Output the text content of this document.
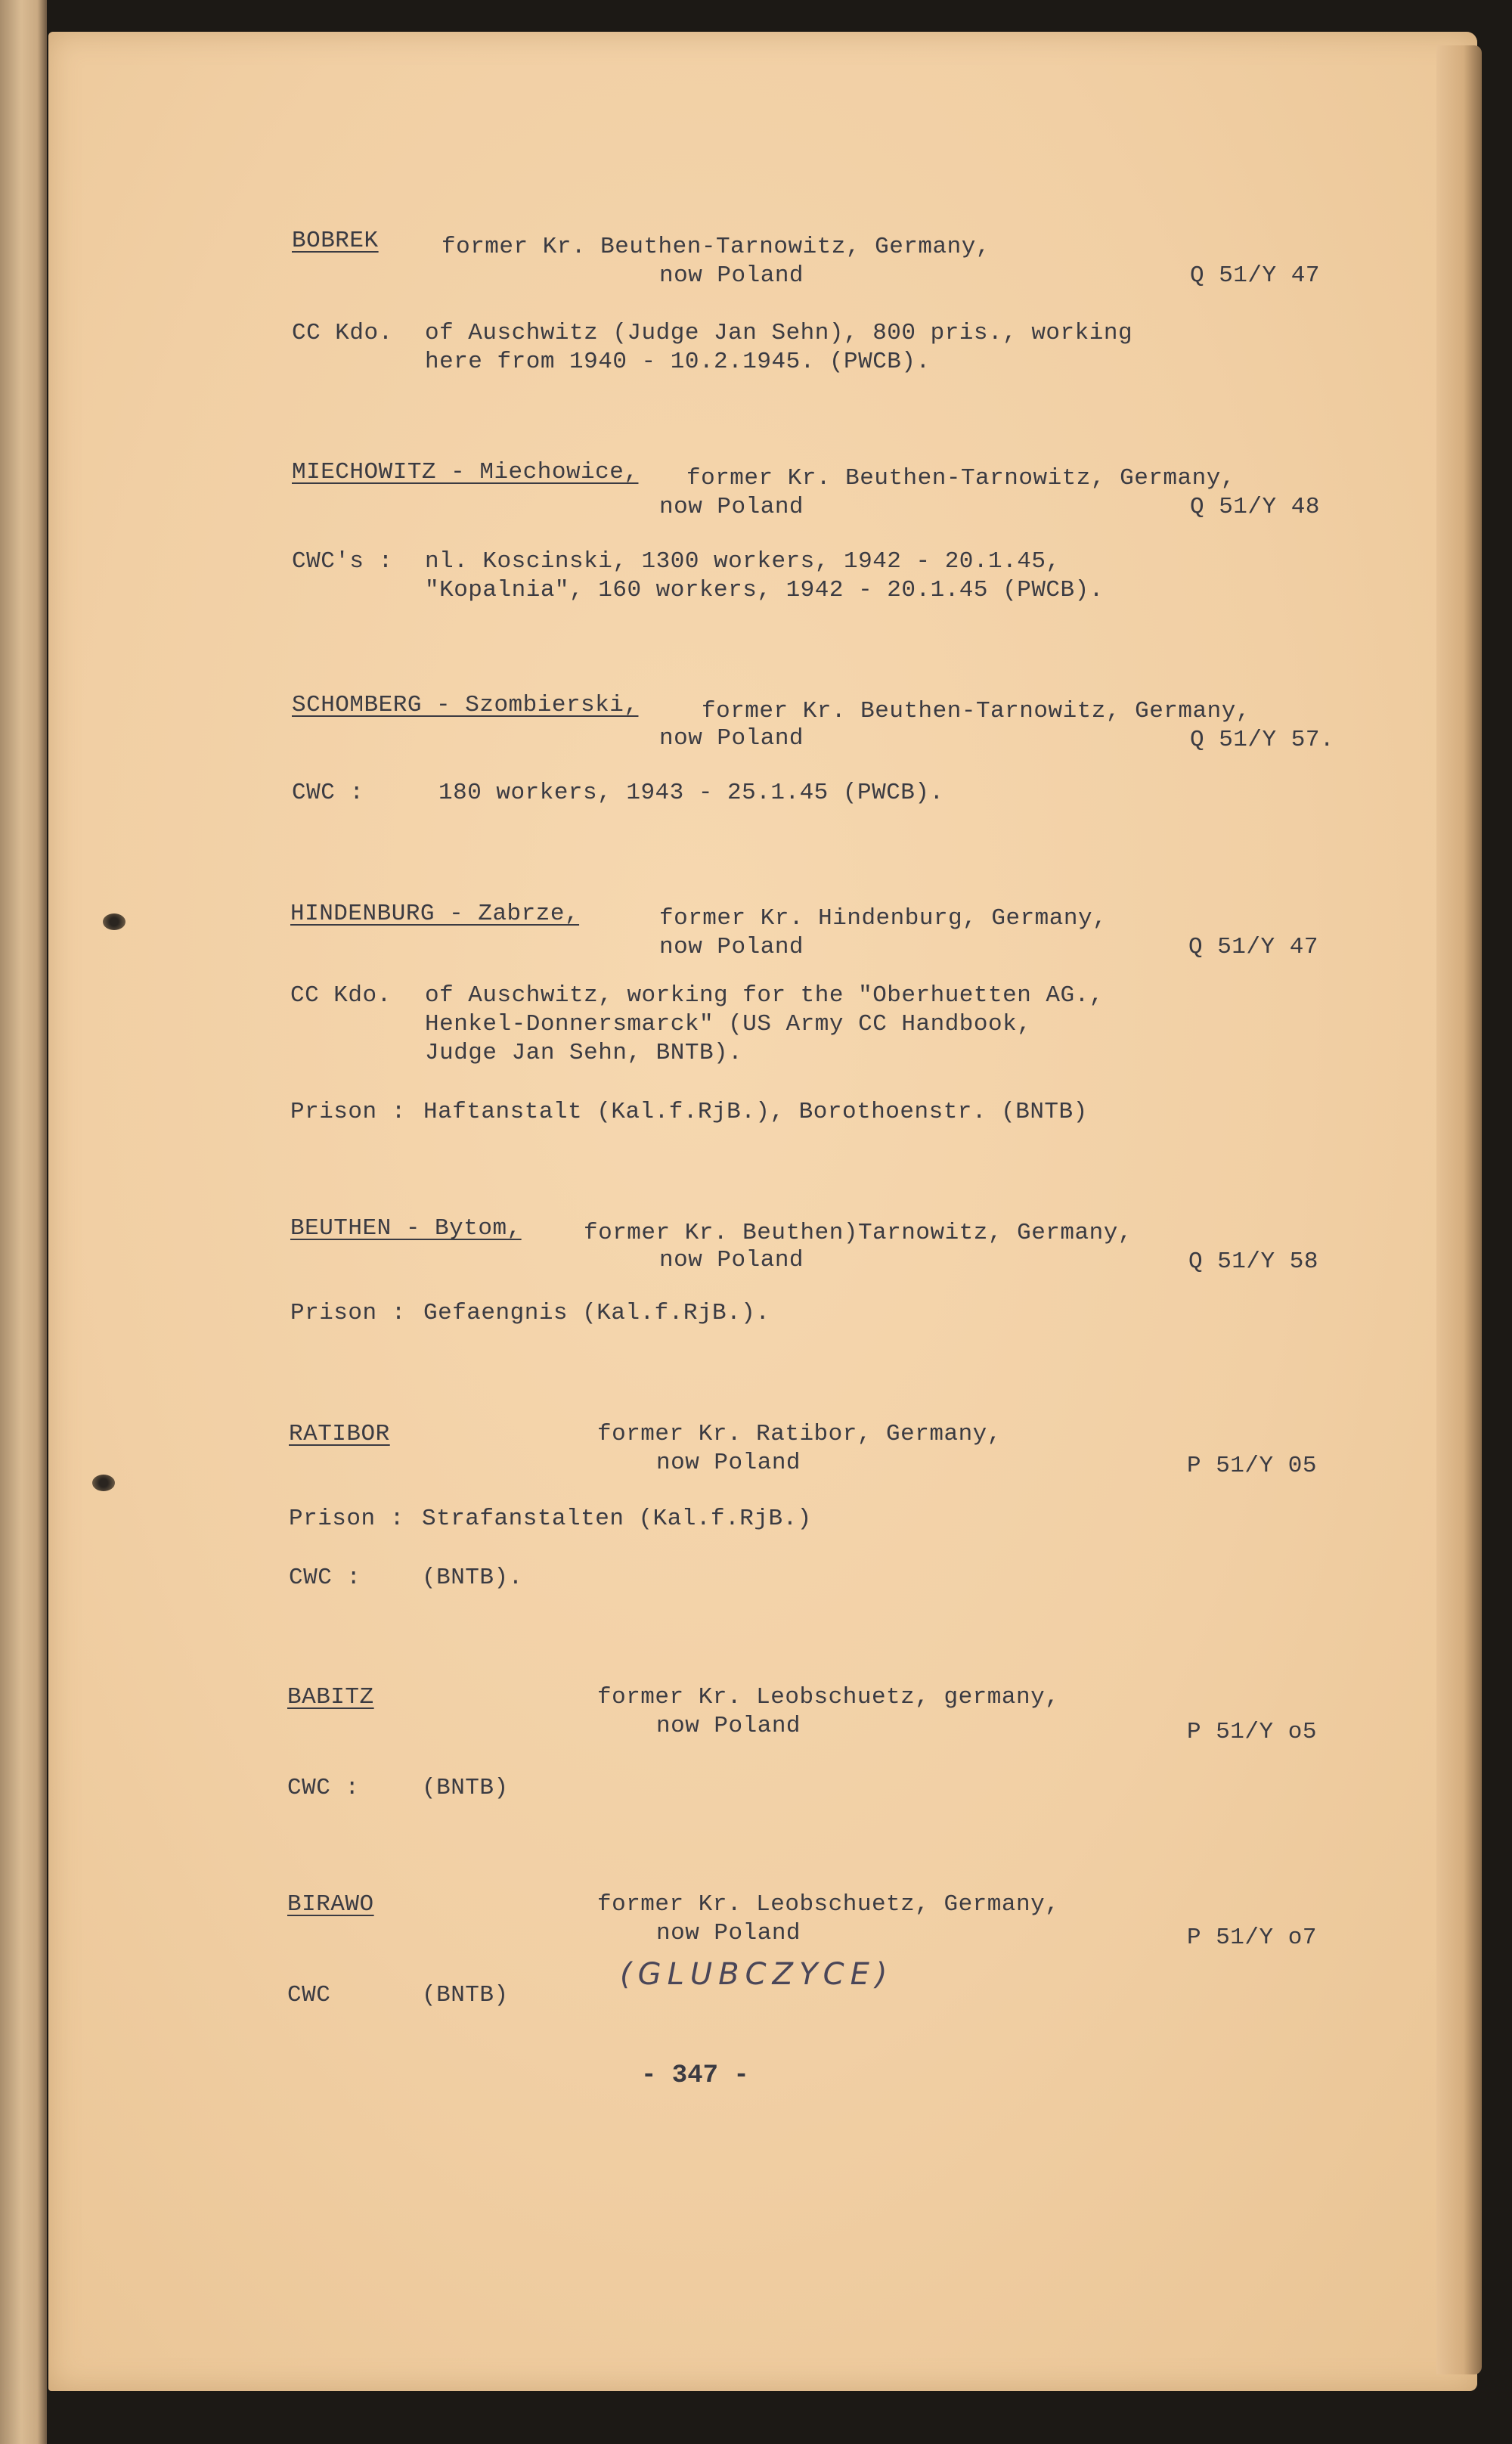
BOBREK	former Kr. Beuthen-Tarnowitz, Germany,
now Poland	Q 51/Y 47
CC Kdo. of Auschwitz (Judge Jan Sehn), 800 pris., working
here from 1940 - 10.2.1945. (PWCB).
MIECHOWITZ - Miechowice, former Kr. Beuthen-Tarnowitz, Germany,
now Poland	Q 51/Y 48
CWC's : nl. Koscinski, 1300 workers, 1942 - 20.1.45,
"Kopalnia", 160 workers, 1942 - 20.1.45 (PWCB).
SCHOMBERG - Szombierski,	former Kr. Beuthen-Tarnowitz, Germany,
now Poland	Q 51/Y 57.
CWC :	180 workers, 1943 - 25.1.45 (PWCB).
HINDENBURG - Zabrze,	former Kr. Hindenburg, Germany,
now Poland	Q 51/Y 47
CC Kdo. of Auschwitz, working for the "Oberhuetten AG.,
Henkel-Donnersmarck" (US Army CC Handbook,
Judge Jan Sehn, BNTB).
Prison : Haftanstalt (Kal.f.RjB.), Borothoenstr. (BNTB)
BEUTHEN - Bytom,	former Kr. Beuthen)Tarnowitz, Germany,
now Poland	Q 51/Y 58
Prison : Gefaengnis (Kal.f.RjB.).
RATIBOR	former Kr. Ratibor, Germany,
now Poland	P 51/Y 05
Prison : Strafanstalten (Kal.f.RjB.)
CWC :	(BNTB).
BABITZ	former Kr. Leobschuetz, germany,
now Poland	P 51/Y o5
CWC :	(BNTB)
BIRAWO	former Kr. Leobschuetz, Germany,
now Poland	P 51/Y o7
CWC	(BNTB)
(GLUBCZYCE)
- 347 -
